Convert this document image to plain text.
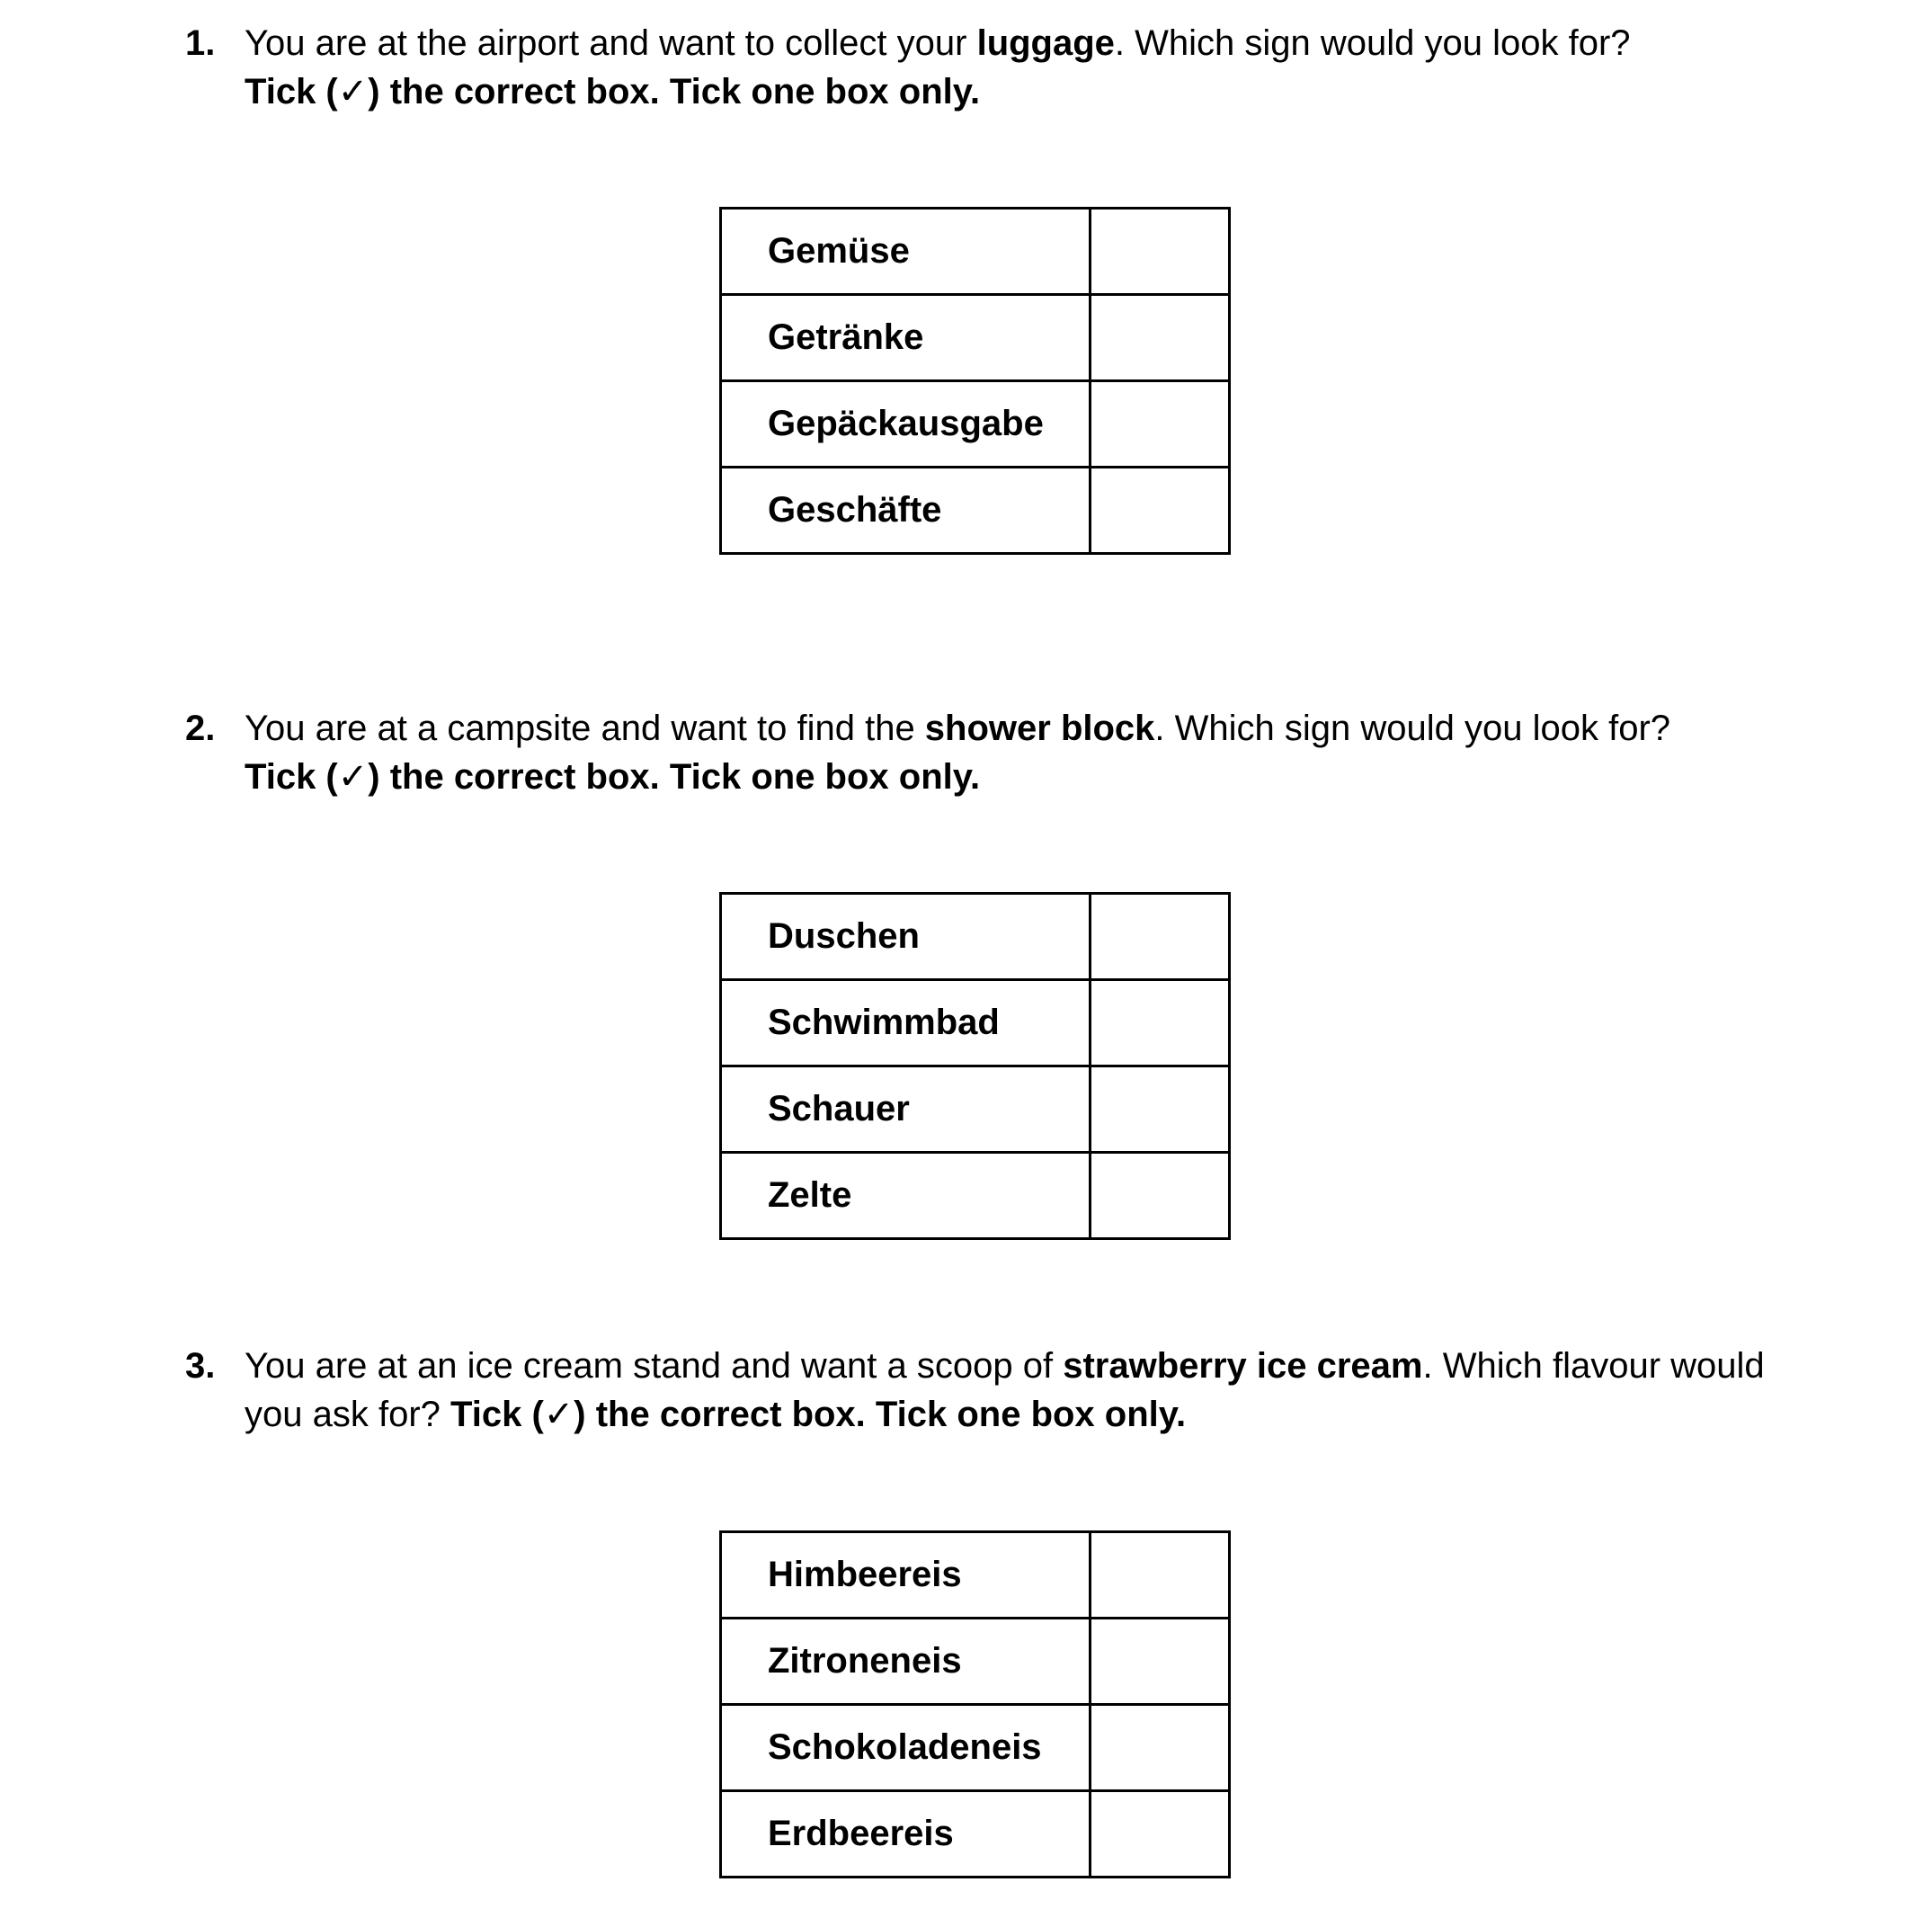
1. You are at the airport and want to collect your luggage. Which sign would you look for?
Tick (✓) the correct box. Tick one box only.
Gemüse	
Getränke	
Gepäckausgabe	
Geschäfte	
2. You are at a campsite and want to find the shower block. Which sign would you look for?
Tick (✓) the correct box. Tick one box only.
Duschen	
Schwimmbad	
Schauer	
Zelte	
3. You are at an ice cream stand and want a scoop of strawberry ice cream. Which flavour would
you ask for? Tick (✓) the correct box. Tick one box only.
Himbeereis	
Zitroneneis	
Schokoladeneis	
Erdbeereis	
